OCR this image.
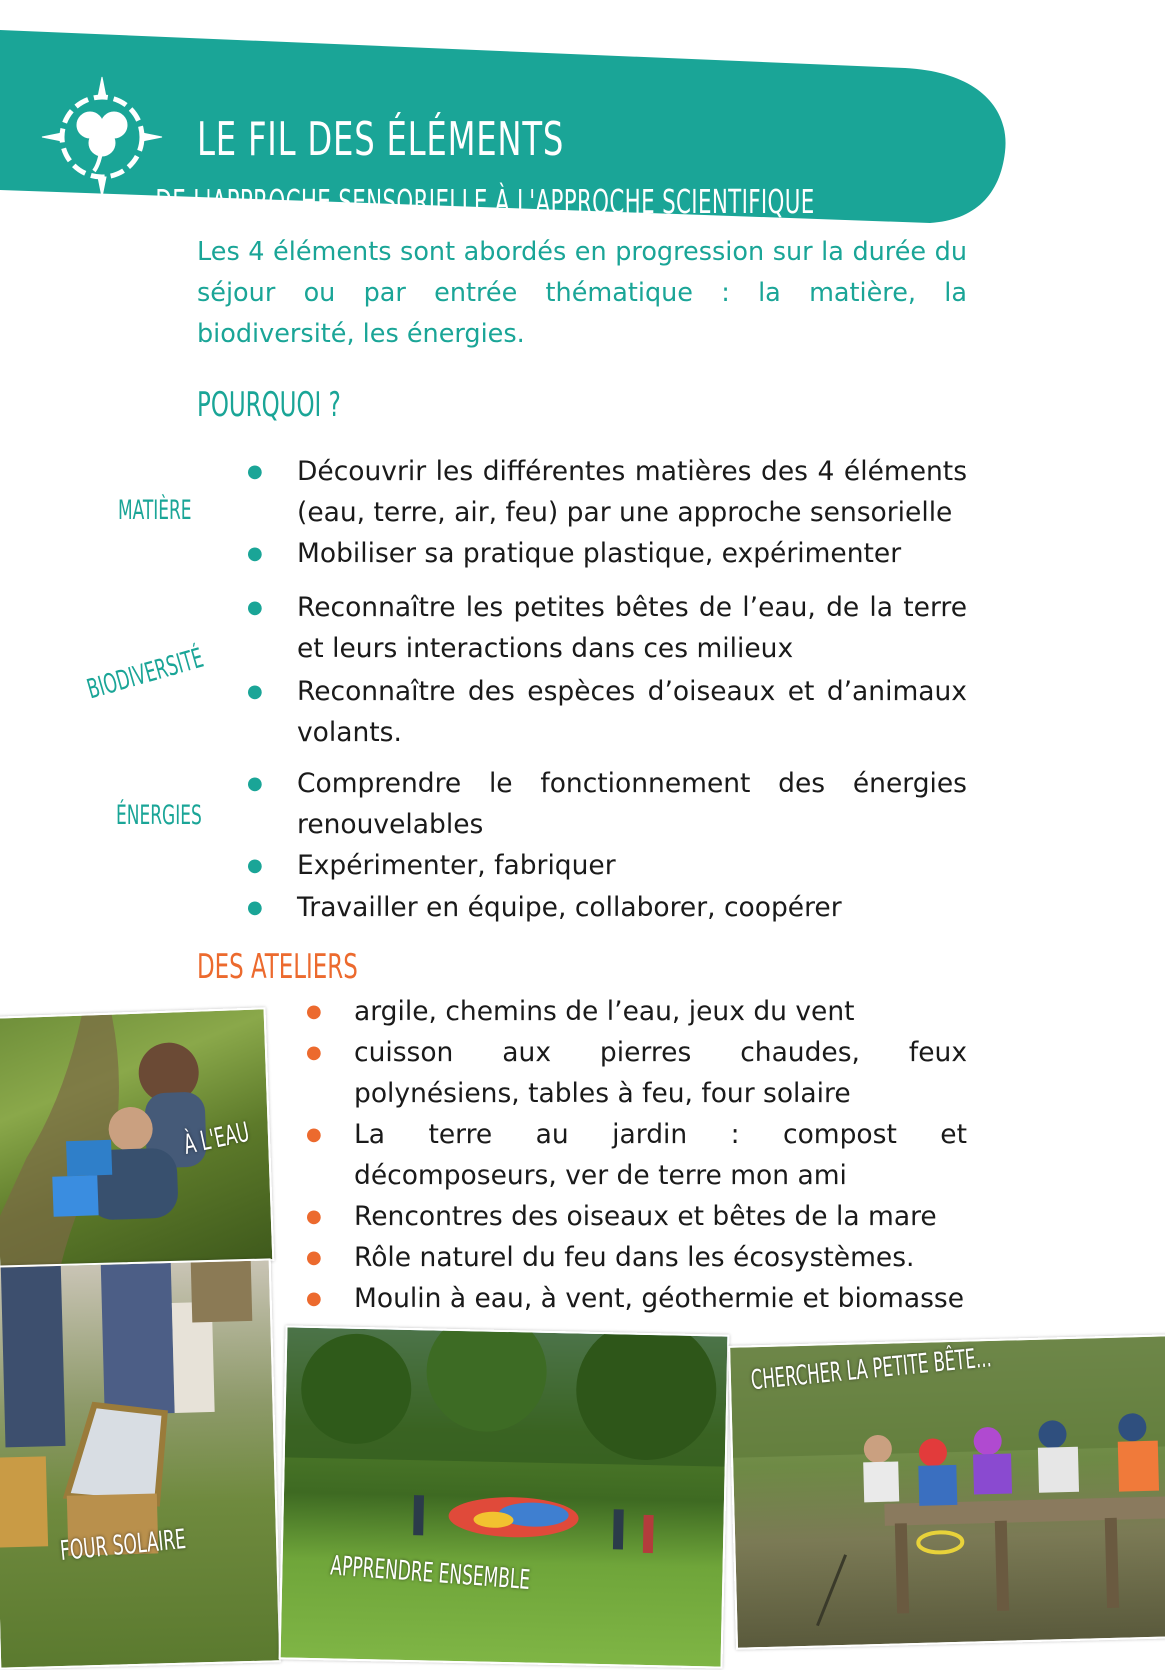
LE FIL DES ÉLÉMENTS
DE L'APPROCHE SENSORIELLE À L'APPROCHE SCIENTIFIQUE
Les 4 éléments sont abordés en progression sur la durée du séjour ou par entrée thématique : la matière, la biodiversité, les énergies.
POURQUOI ?
MATIÈRE
BIODIVERSITÉ
ÉNERGIES
● Découvrir les différentes matières des 4 éléments (eau, terre, air, feu) par une approche sensorielle
● Mobiliser sa pratique plastique, expérimenter
● Reconnaître les petites bêtes de l’eau, de la terre et leurs interactions dans ces milieux
● Reconnaître des espèces d’oiseaux et d’animaux volants.
● Comprendre le fonctionnement des énergies renouvelables
● Expérimenter, fabriquer
● Travailler en équipe, collaborer, coopérer
DES ATELIERS
● argile, chemins de l’eau, jeux du vent
● cuisson aux pierres chaudes, feux polynésiens, tables à feu, four solaire
● La terre au jardin : compost et décomposeurs, ver de terre mon ami
● Rencontres des oiseaux et bêtes de la mare
● Rôle naturel du feu dans les écosystèmes.
● Moulin à eau, à vent, géothermie et biomasse
À L'EAU
FOUR SOLAIRE
APPRENDRE ENSEMBLE
CHERCHER LA PETITE BÊTE...
